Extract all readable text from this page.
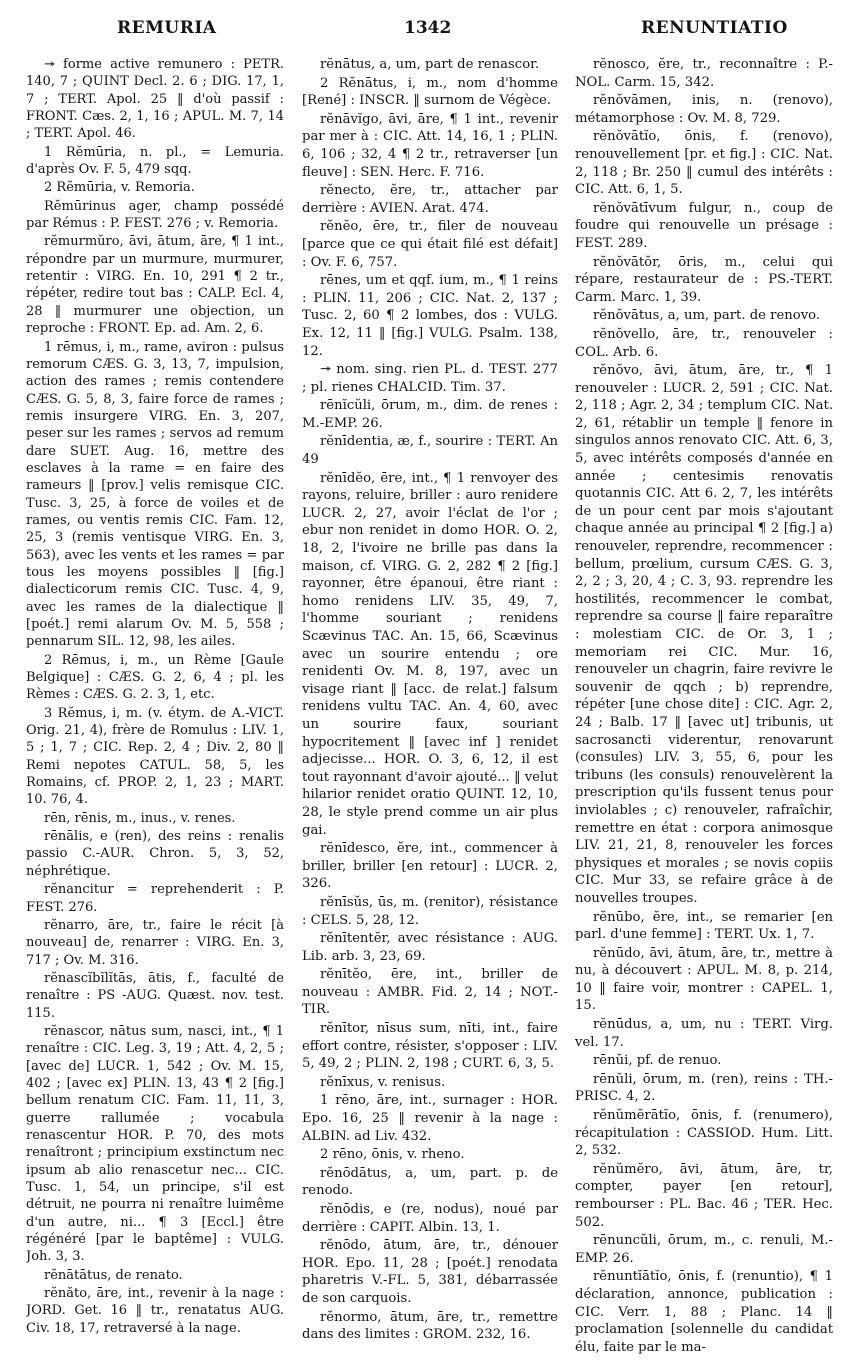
REMURIA	1342	RENUNTIATIO

↠ forme active remunero : PETR. 140, 7 ; QUINT Decl. 2. 6 ; DIG. 17, 1, 7 ; TERT. Apol. 25 ‖ d'où passif : FRONT. Cæs. 2, 1, 16 ; APUL. M. 7, 14 ; TERT. Apol. 46.

1 Rĕmūria, n. pl., = Lemuria. d'après Ov. F. 5, 479 sqq.

2 Rĕmūria, v. Remoria.

Rĕmūrinus ager, champ possédé par Rémus : P. FEST. 276 ; v. Remoria.

rĕmurmŭro, āvi, ātum, āre, ¶ 1 int., répondre par un murmure, murmurer, retentir : VIRG. En. 10, 291 ¶ 2 tr., répéter, redire tout bas : CALP. Ecl. 4, 28 ‖ murmurer une objection, un reproche : FRONT. Ep. ad. Am. 2, 6.

1 rēmus, i, m., rame, aviron : pulsus remorum CÆS. G. 3, 13, 7, impulsion, action des rames ; remis contendere CÆS. G. 5, 8, 3, faire force de rames ; remis insurgere VIRG. En. 3, 207, peser sur les rames ; servos ad remum dare SUET. Aug. 16, mettre des esclaves à la rame = en faire des rameurs ‖ [prov.] velis remisque CIC. Tusc. 3, 25, à force de voiles et de rames, ou ventis remis CIC. Fam. 12, 25, 3 (remis ventisque VIRG. En. 3, 563), avec les vents et les rames = par tous les moyens possibles ‖ [fig.] dialecticorum remis CIC. Tusc. 4, 9, avec les rames de la dialectique ‖ [poét.] remi alarum Ov. M. 5, 558 ; pennarum SIL. 12, 98, les ailes.

2 Rēmus, i, m., un Rème [Gaule Belgique] : CÆS. G. 2, 6, 4 ; pl. les Rèmes : CÆS. G. 2. 3, 1, etc.

3 Rĕmus, i, m. (v. étym. de A.-VICT. Orig. 21, 4), frère de Romulus : LIV. 1, 5 ; 1, 7 ; CIC. Rep. 2, 4 ; Div. 2, 80 ‖ Remi nepotes CATUL. 58, 5, les Romains, cf. PROP. 2, 1, 23 ; MART. 10. 76, 4.

rēn, rēnis, m., inus., v. renes.

rēnālis, e (ren), des reins : renalis passio C.-AUR. Chron. 5, 3, 52, néphrétique.

rĕnancitur = reprehenderit : P. FEST. 276.

rĕnarro, āre, tr., faire le récit [à nouveau] de, renarrer : VIRG. En. 3, 717 ; Ov. M. 316.

rĕnascĭbĭlĭtās, ātis, f., faculté de renaître : PS -AUG. Quæst. nov. test. 115.

rĕnascor, nātus sum, nasci, int., ¶ 1 renaître : CIC. Leg. 3, 19 ; Att. 4, 2, 5 ; [avec de] LUCR. 1, 542 ; Ov. M. 15, 402 ; [avec ex] PLIN. 13, 43 ¶ 2 [fig.] bellum renatum CIC. Fam. 11, 11, 3, guerre rallumée ; vocabula renascentur HOR. P. 70, des mots renaîtront ; principium exstinctum nec ipsum ab alio renascetur nec... CIC. Tusc. 1, 54, un principe, s'il est détruit, ne pourra ni renaître luimême d'un autre, ni... ¶ 3 [Eccl.] être régénéré [par le baptême] : VULG. Joh. 3, 3.

rĕnātātus, de renato.

rĕnăto, āre, int., revenir à la nage : JORD. Get. 16 ‖ tr., renatatus AUG. Civ. 18, 17, retraversé à la nage.

rĕnātus, a, um, part de renascor.

2 Rĕnātus, i, m., nom d'homme [René] : INSCR. ‖ surnom de Végèce.

rĕnāvĭgo, āvi, āre, ¶ 1 int., revenir par mer à : CIC. Att. 14, 16, 1 ; PLIN. 6, 106 ; 32, 4 ¶ 2 tr., retraverser [un fleuve] : SEN. Herc. F. 716.

rĕnecto, ĕre, tr., attacher par derrière : AVIEN. Arat. 474.

rĕnĕo, ēre, tr., filer de nouveau [parce que ce qui était filé est défait] : Ov. F. 6, 757.

rēnes, um et qqf. ium, m., ¶ 1 reins : PLIN. 11, 206 ; CIC. Nat. 2, 137 ; Tusc. 2, 60 ¶ 2 lombes, dos : VULG. Ex. 12, 11 ‖ [fig.] VULG. Psalm. 138, 12.

↠ nom. sing. rien PL. d. TEST. 277 ; pl. rienes CHALCID. Tim. 37.

rēnĭcŭli, ōrum, m., dim. de renes : M.-EMP. 26.

rĕnīdentia, æ, f., sourire : TERT. An 49

rĕnīdĕo, ēre, int., ¶ 1 renvoyer des rayons, reluire, briller : auro renidere LUCR. 2, 27, avoir l'éclat de l'or ; ebur non renidet in domo HOR. O. 2, 18, 2, l'ivoire ne brille pas dans la maison, cf. VIRG. G. 2, 282 ¶ 2 [fig.] rayonner, être épanoui, être riant : homo renidens LIV. 35, 49, 7, l'homme souriant ; renidens Scævinus TAC. An. 15, 66, Scævinus avec un sourire entendu ; ore renidenti Ov. M. 8, 197, avec un visage riant ‖ [acc. de relat.] falsum renidens vultu TAC. An. 4, 60, avec un sourire faux, souriant hypocritement ‖ [avec inf ] renidet adjecisse... HOR. O. 3, 6, 12, il est tout rayonnant d'avoir ajouté... ‖ velut hilarior renidet oratio QUINT. 12, 10, 28, le style prend comme un air plus gai.

rĕnīdesco, ĕre, int., commencer à briller, briller [en retour] : LUCR. 2, 326.

rĕnīsŭs, ūs, m. (renitor), résistance : CELS. 5, 28, 12.

rĕnītentĕr, avec résistance : AUG. Lib. arb. 3, 23, 69.

rĕnītĕo, ēre, int., briller de nouveau : AMBR. Fid. 2, 14 ; NOT.-TIR.

rĕnītor, nīsus sum, nīti, int., faire effort contre, résister, s'opposer : LIV. 5, 49, 2 ; PLIN. 2, 198 ; CURT. 6, 3, 5.

rĕnīxus, v. renisus.

1 rēno, āre, int., surnager : HOR. Epo. 16, 25 ‖ revenir à la nage : ALBIN. ad Liv. 432.

2 rēno, ōnis, v. rheno.

rĕnōdātus, a, um, part. p. de renodo.

rĕnōdis, e (re, nodus), noué par derrière : CAPIT. Albin. 13, 1.

rĕnōdo, ātum, āre, tr., dénouer HOR. Epo. 11, 28 ; [poét.] renodata pharetris V.-FL. 5, 381, débarrassée de son carquois.

rĕnormo, ātum, āre, tr., remettre dans des limites : GROM. 232, 16.

rĕnosco, ĕre, tr., reconnaître : P.-NOL. Carm. 15, 342.

rĕnŏvāmen, inis, n. (renovo), métamorphose : Ov. M. 8, 729.

rĕnŏvātĭo, ōnis, f. (renovo), renouvellement [pr. et fig.] : CIC. Nat. 2, 118 ; Br. 250 ‖ cumul des intérêts : CIC. Att. 6, 1, 5.

rĕnŏvātīvum fulgur, n., coup de foudre qui renouvelle un présage : FEST. 289.

rĕnŏvātŏr, ōris, m., celui qui répare, restaurateur de : PS.-TERT. Carm. Marc. 1, 39.

rĕnŏvātus, a, um, part. de renovo.

rĕnŏvello, āre, tr., renouveler : COL. Arb. 6.

rĕnŏvo, āvi, ātum, āre, tr., ¶ 1 renouveler : LUCR. 2, 591 ; CIC. Nat. 2, 118 ; Agr. 2, 34 ; templum CIC. Nat. 2, 61, rétablir un temple ‖ fenore in singulos annos renovato CIC. Att. 6, 3, 5, avec intérêts composés d'année en année ; centesimis renovatis quotannis CIC. Att 6. 2, 7, les intérêts de un pour cent par mois s'ajoutant chaque année au principal ¶ 2 [fig.] a) renouveler, reprendre, recommencer : bellum, prœlium, cursum CÆS. G. 3, 2, 2 ; 3, 20, 4 ; C. 3, 93. reprendre les hostilités, recommencer le combat, reprendre sa course ‖ faire reparaître : molestiam CIC. de Or. 3, 1 ; memoriam rei CIC. Mur. 16, renouveler un chagrin, faire revivre le souvenir de qqch ; b) reprendre, répéter [une chose dite] : CIC. Agr. 2, 24 ; Balb. 17 ‖ [avec ut] tribunis, ut sacrosancti viderentur, renovarunt (consules) LIV. 3, 55, 6, pour les tribuns (les consuls) renouvelèrent la prescription qu'ils fussent tenus pour inviolables ; c) renouveler, rafraîchir, remettre en état : corpora animosque LIV. 21, 21, 8, renouveler les forces physiques et morales ; se novis copiis CIC. Mur 33, se refaire grâce à de nouvelles troupes.

rĕnūbo, ĕre, int., se remarier [en parl. d'une femme] : TERT. Ux. 1, 7.

rĕnūdo, āvi, ātum, āre, tr., mettre à nu, à découvert : APUL. M. 8, p. 214, 10 ‖ faire voir, montrer : CAPEL. 1, 15.

rĕnūdus, a, um, nu : TERT. Virg. vel. 17.

rēnŭi, pf. de renuo.

rēnŭli, ōrum, m. (ren), reins : TH.-PRISC. 4, 2.

rĕnŭmĕrātĭo, ōnis, f. (renumero), récapitulation : CASSIOD. Hum. Litt. 2, 532.

rĕnŭmĕro, āvi, ātum, āre, tr, compter, payer [en retour], rembourser : PL. Bac. 46 ; TER. Hec. 502.

rēnuncŭli, ōrum, m., c. renuli, M.-EMP. 26.

rĕnuntĭātĭo, ōnis, f. (renuntio), ¶ 1 déclaration, annonce, publication : CIC. Verr. 1, 88 ; Planc. 14 ‖ proclamation [solennelle du candidat élu, faite par le ma-
